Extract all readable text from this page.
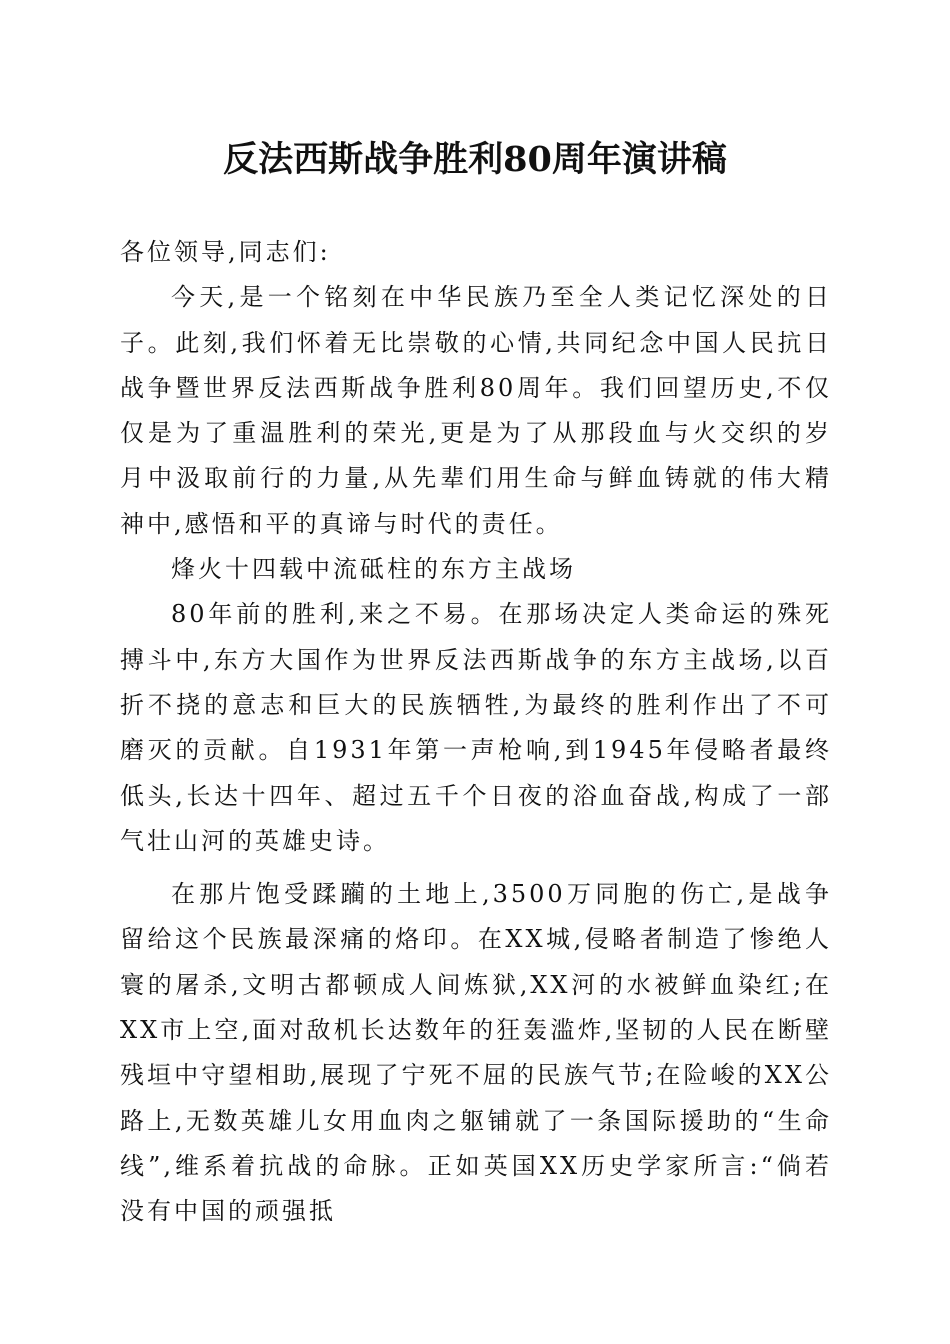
反法西斯战争胜利80周年演讲稿

各位领导,同志们:

今天,是一个铭刻在中华民族乃至全人类记忆深处的日子。此刻,我们怀着无比崇敬的心情,共同纪念中国人民抗日战争暨世界反法西斯战争胜利80周年。我们回望历史,不仅仅是为了重温胜利的荣光,更是为了从那段血与火交织的岁月中汲取前行的力量,从先辈们用生命与鲜血铸就的伟大精神中,感悟和平的真谛与时代的责任。

烽火十四载中流砥柱的东方主战场

80年前的胜利,来之不易。在那场决定人类命运的殊死搏斗中,东方大国作为世界反法西斯战争的东方主战场,以百折不挠的意志和巨大的民族牺牲,为最终的胜利作出了不可磨灭的贡献。自1931年第一声枪响,到1945年侵略者最终低头,长达十四年、超过五千个日夜的浴血奋战,构成了一部气壮山河的英雄史诗。

在那片饱受蹂躏的土地上,3500万同胞的伤亡,是战争留给这个民族最深痛的烙印。在XX城,侵略者制造了惨绝人寰的屠杀,文明古都顿成人间炼狱,XX河的水被鲜血染红;在XX市上空,面对敌机长达数年的狂轰滥炸,坚韧的人民在断壁残垣中守望相助,展现了宁死不屈的民族气节;在险峻的XX公路上,无数英雄儿女用血肉之躯铺就了一条国际援助的“生命线”,维系着抗战的命脉。正如英国XX历史学家所言:“倘若没有中国的顽强抵
